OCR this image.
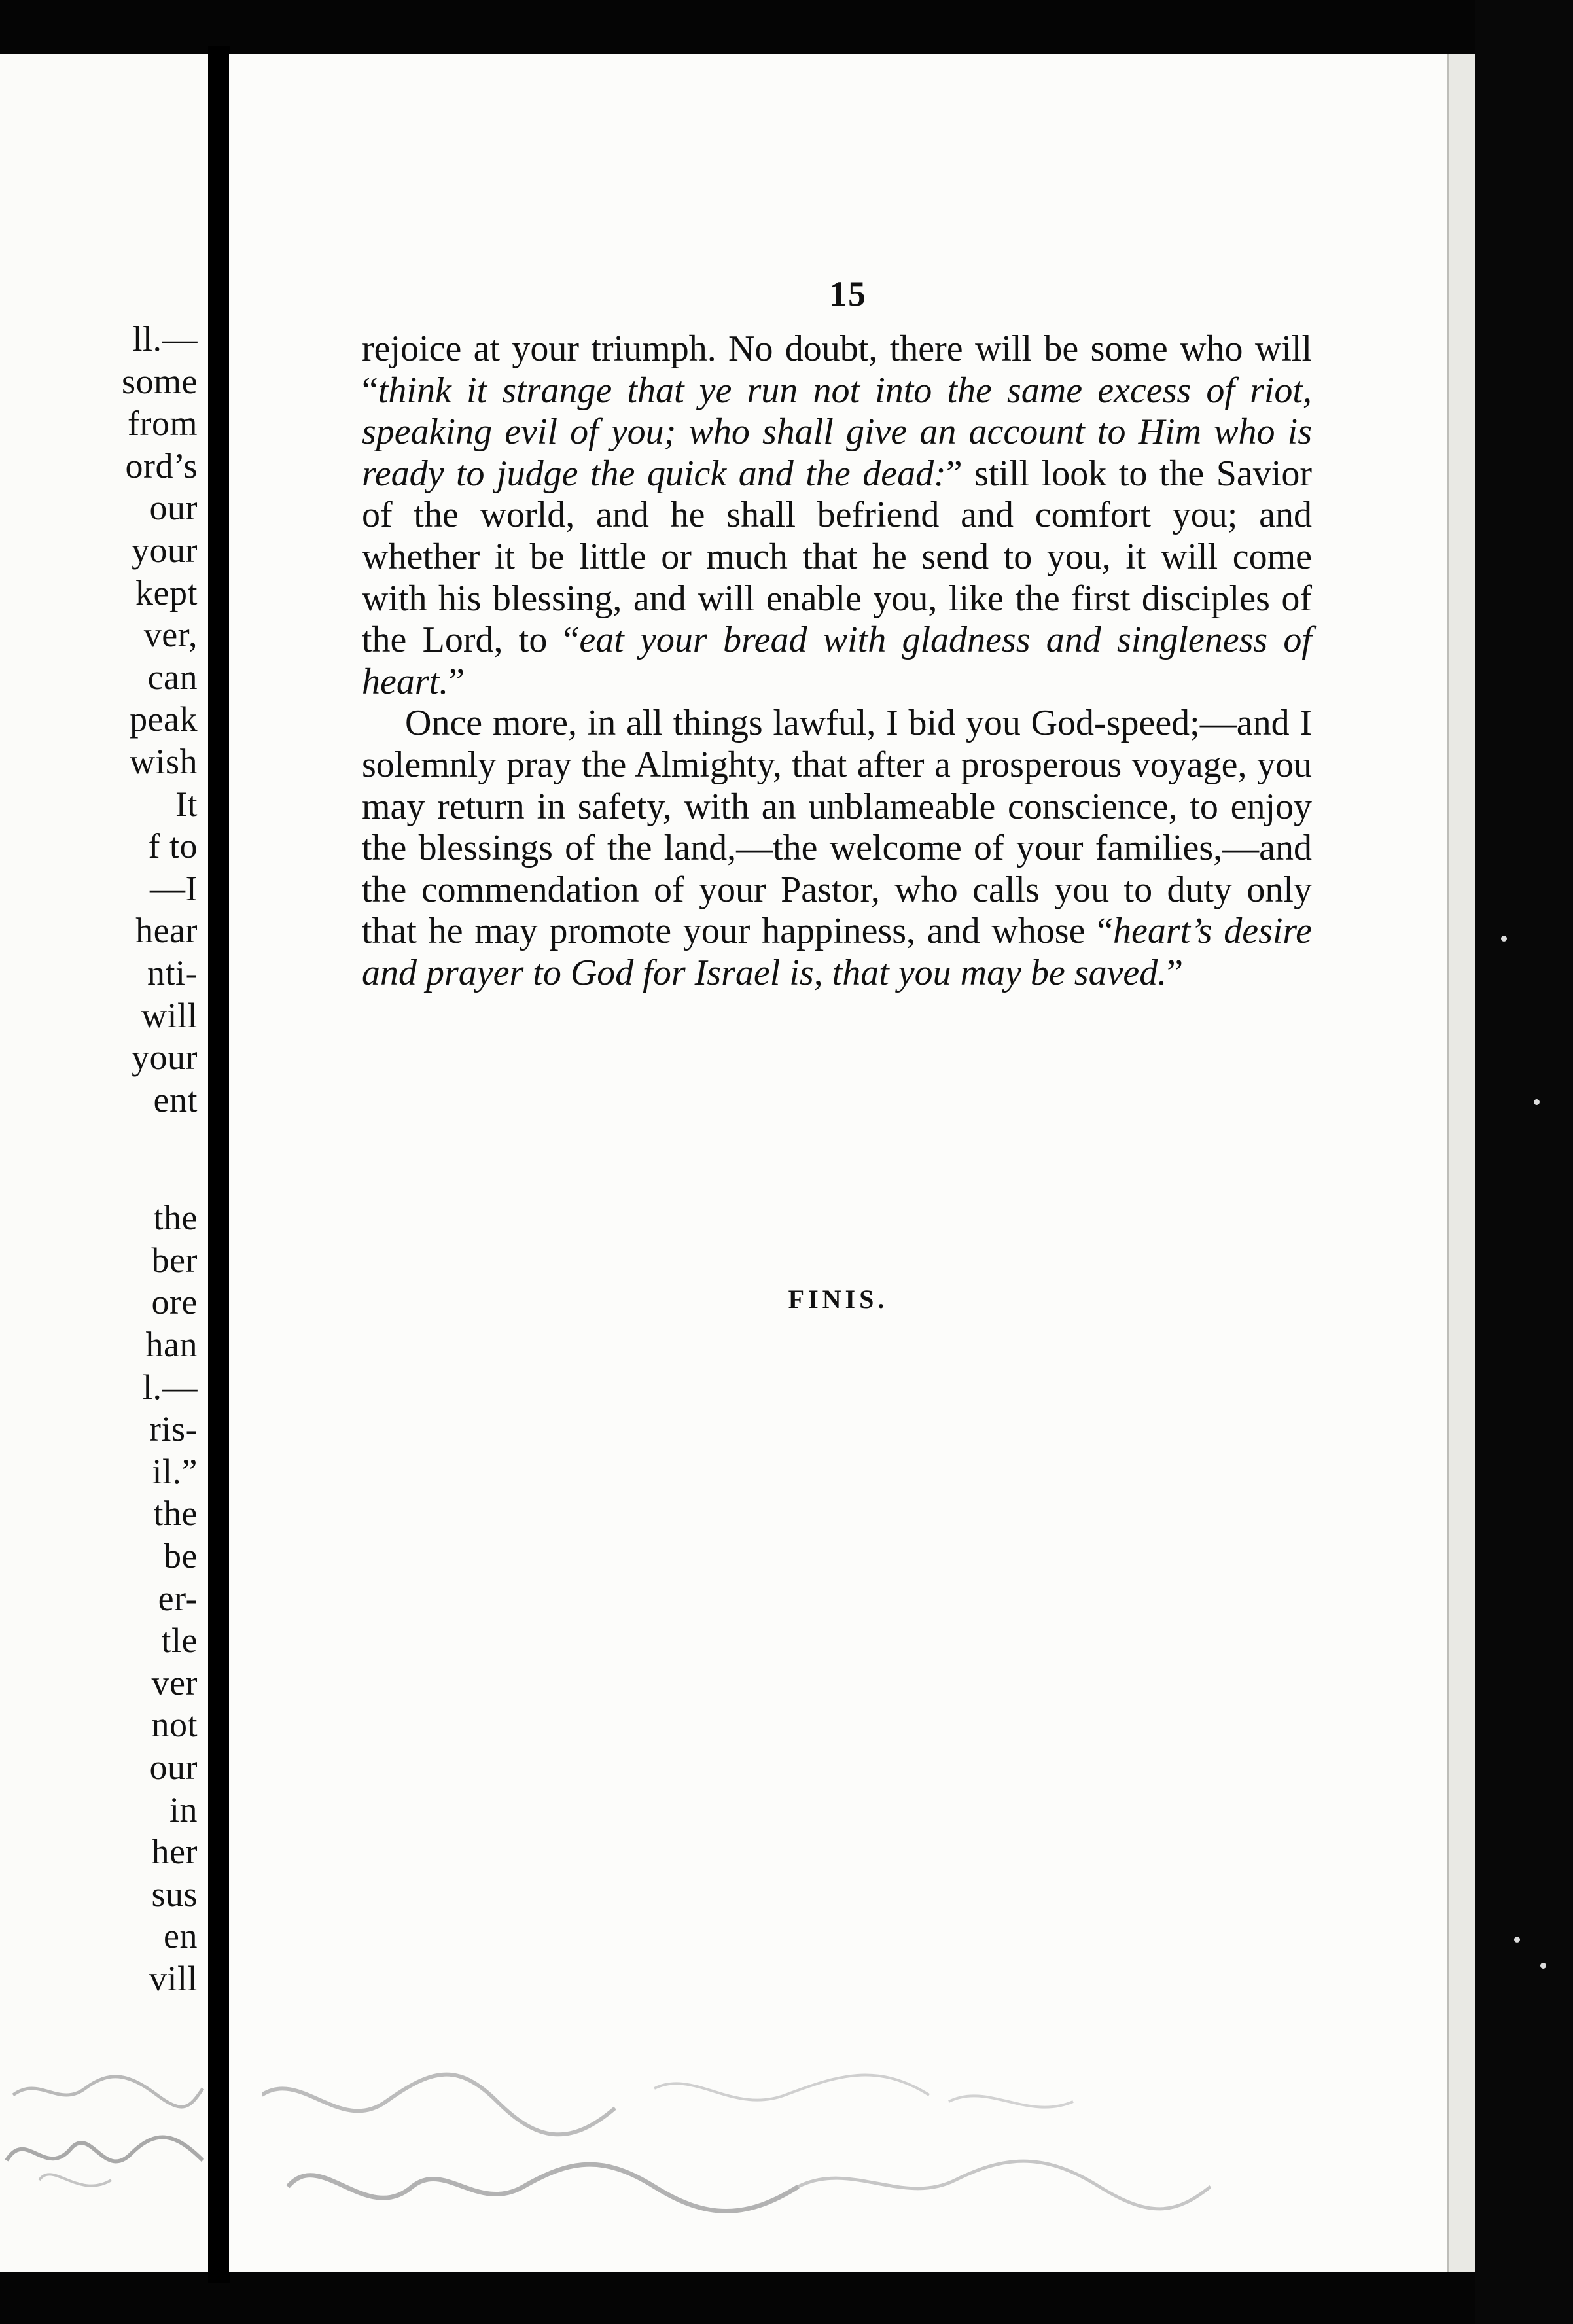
ll.—
some
from
ord’s
our
your
kept
ver,
can
peak
wish
It
f to
—I
hear
nti-
will
your
ent
the
ber
ore
han
l.—
ris-
il.”
the
be
er-
tle
ver
not
our
in
her
sus
en
vill
15

rejoice at your triumph. No doubt, there will be some who will “think it strange that ye run not into the same excess of riot, speaking evil of you; who shall give an account to Him who is ready to judge the quick and the dead:” still look to the Savior of the world, and he shall befriend and comfort you; and whether it be little or much that he send to you, it will come with his blessing, and will enable you, like the first disciples of the Lord, to “eat your bread with gladness and singleness of heart.”

Once more, in all things lawful, I bid you God-speed;—and I solemnly pray the Almighty, that after a prosperous voyage, you may return in safety, with an unblameable conscience, to enjoy the blessings of the land,—the welcome of your families,—and the commendation of your Pastor, who calls you to duty only that he may promote your happiness, and whose “heart’s desire and prayer to God for Israel is, that you may be saved.”

FINIS.
